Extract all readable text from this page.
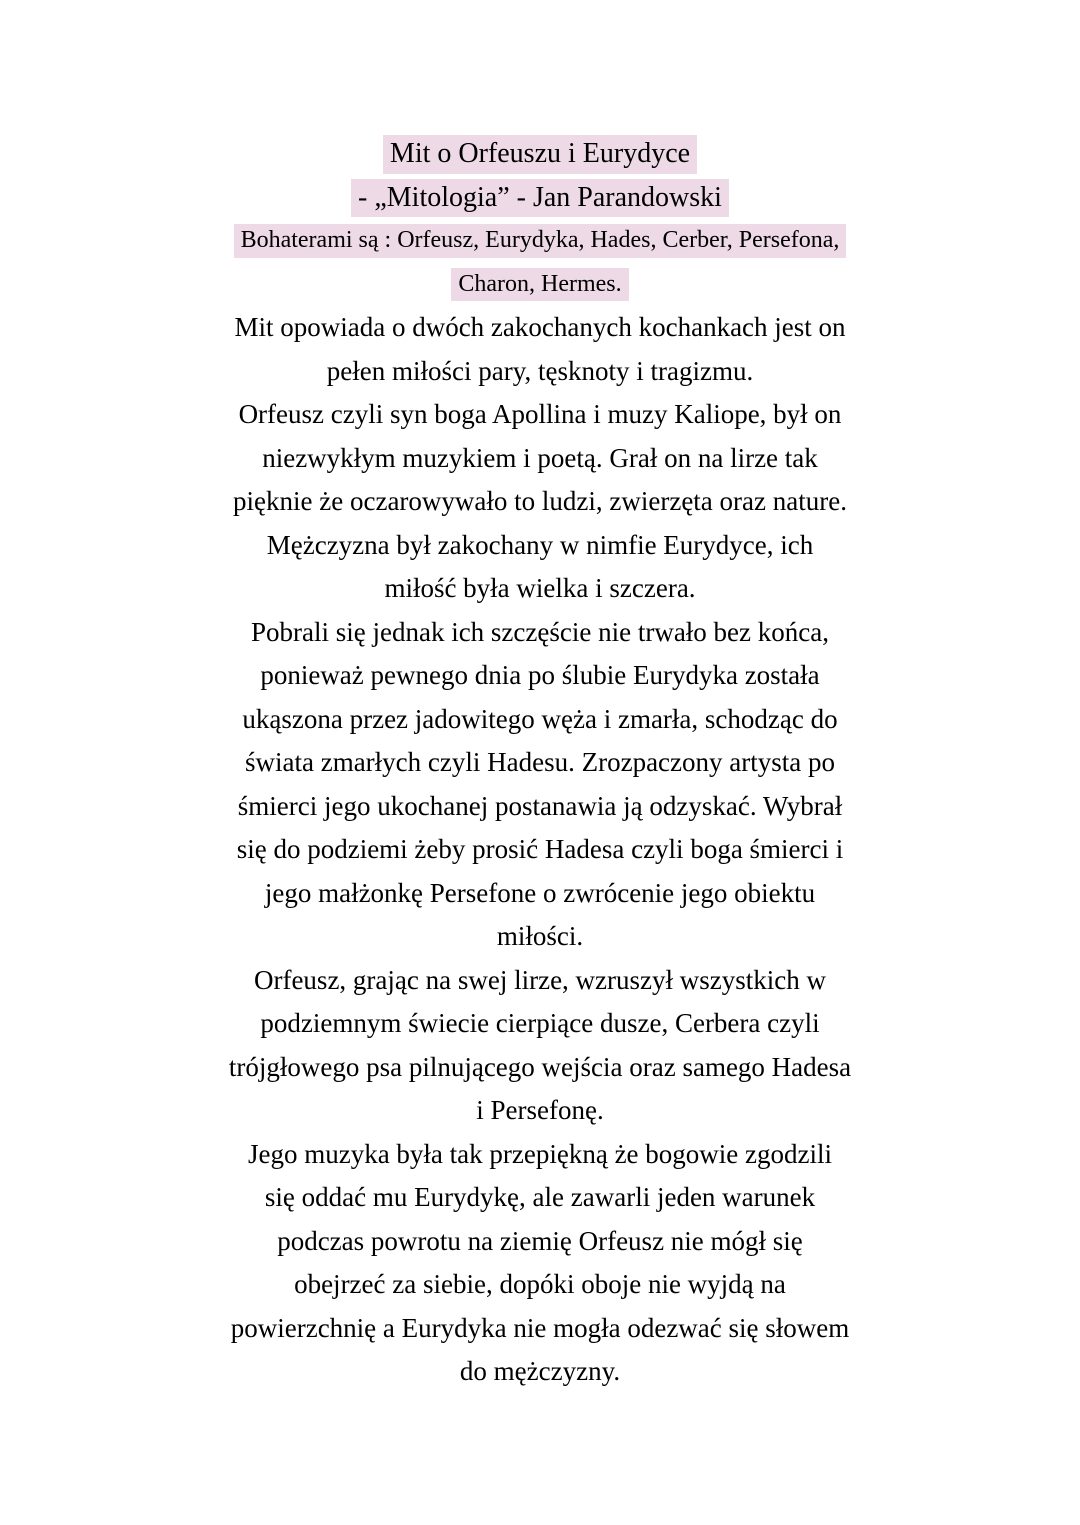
Mit o Orfeuszu i Eurydyce
- „Mitologia” - Jan Parandowski
Bohaterami są : Orfeusz, Eurydyka, Hades, Cerber, Persefona,
Charon, Hermes.
Mit opowiada o dwóch zakochanych kochankach jest on
pełen miłości pary, tęsknoty i tragizmu.
Orfeusz czyli syn boga Apollina i muzy Kaliope, był on
niezwykłym muzykiem i poetą. Grał on na lirze tak
pięknie że oczarowywało to ludzi, zwierzęta oraz nature.
Mężczyzna był zakochany w nimfie Eurydyce, ich
miłość była wielka i szczera.
Pobrali się jednak ich szczęście nie trwało bez końca,
ponieważ pewnego dnia po ślubie Eurydyka została
ukąszona przez jadowitego węża i zmarła, schodząc do
świata zmarłych czyli Hadesu. Zrozpaczony artysta po
śmierci jego ukochanej postanawia ją odzyskać. Wybrał
się do podziemi żeby prosić Hadesa czyli boga śmierci i
jego małżonkę Persefone o zwrócenie jego obiektu
miłości.
Orfeusz, grając na swej lirze, wzruszył wszystkich w
podziemnym świecie cierpiące dusze, Cerbera czyli
trójgłowego psa pilnującego wejścia oraz samego Hadesa
i Persefonę.
Jego muzyka była tak przepiękną że bogowie zgodzili
się oddać mu Eurydykę, ale zawarli jeden warunek
podczas powrotu na ziemię Orfeusz nie mógł się
obejrzeć za siebie, dopóki oboje nie wyjdą na
powierzchnię a Eurydyka nie mogła odezwać się słowem
do mężczyzny.
